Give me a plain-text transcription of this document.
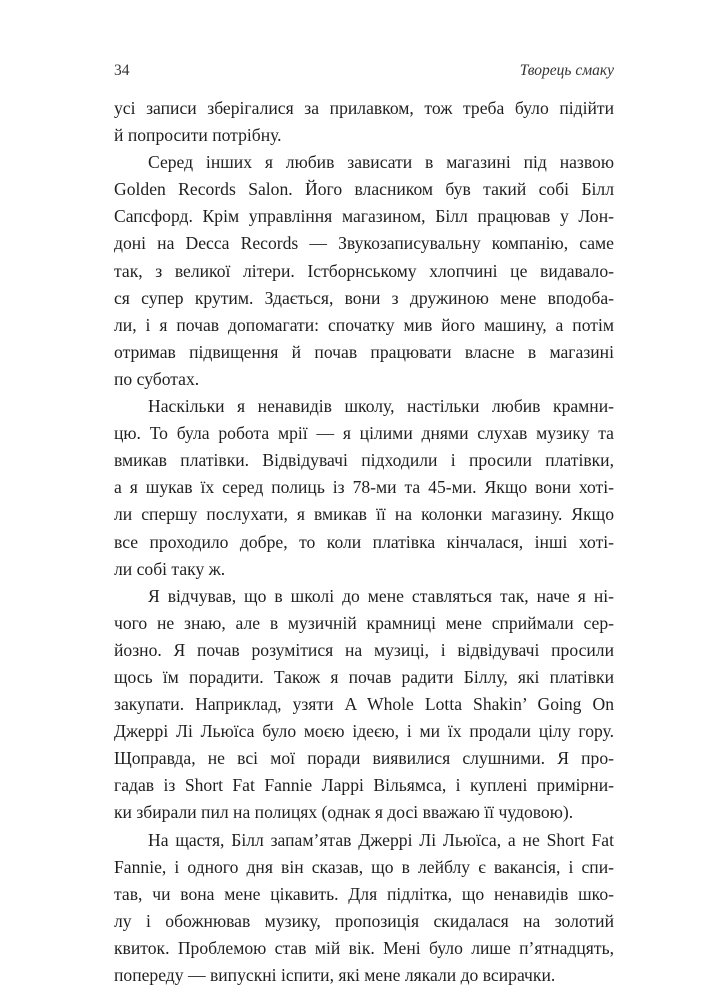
34	Творець смаку
усі записи зберігалися за прилавком, тож треба було підійти
й попросити потрібну.
Серед інших я любив зависати в магазині під назвою
Golden Records Salon. Його власником був такий собі Білл
Сапсфорд. Крім управління магазином, Білл працював у Лон-
доні на Decca Records — Звукозаписувальну компанію, саме
так, з великої літери. Істборнському хлопчині це видавало-
ся супер крутим. Здається, вони з дружиною мене вподоба-
ли, і я почав допомагати: спочатку мив його машину, а потім
отримав підвищення й почав працювати власне в магазині
по суботах.
Наскільки я ненавидів школу, настільки любив крамни-
цю. То була робота мрії — я цілими днями слухав музику та
вмикав платівки. Відвідувачі підходили і просили платівки,
а я шукав їх серед полиць із 78-ми та 45-ми. Якщо вони хоті-
ли спершу послухати, я вмикав її на колонки магазину. Якщо
все проходило добре, то коли платівка кінчалася, інші хоті-
ли собі таку ж.
Я відчував, що в школі до мене ставляться так, наче я ні-
чого не знаю, але в музичній крамниці мене сприймали сер-
йозно. Я почав розумітися на музиці, і відвідувачі просили
щось їм порадити. Також я почав радити Біллу, які платівки
закупати. Наприклад, узяти A Whole Lotta Shakin’ Going On
Джеррі Лі Льюїса було моєю ідеєю, і ми їх продали цілу гору.
Щоправда, не всі мої поради виявилися слушними. Я про-
гадав із Short Fat Fannie Ларрі Вільямса, і куплені примірни-
ки збирали пил на полицях (однак я досі вважаю її чудовою).
На щастя, Білл запам’ятав Джеррі Лі Льюїса, а не Short Fat
Fannie, і одного дня він сказав, що в лейблу є вакансія, і спи-
тав, чи вона мене цікавить. Для підлітка, що ненавидів шко-
лу і обожнював музику, пропозиція скидалася на золотий
квиток. Проблемою став мій вік. Мені було лише п’ятнадцять,
попереду — випускні іспити, які мене лякали до всирачки.
